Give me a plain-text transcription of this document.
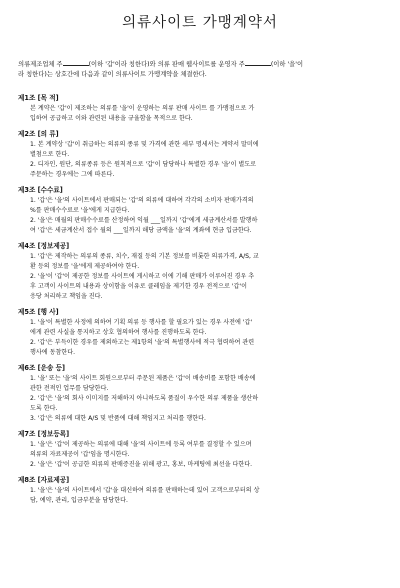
의류사이트 가맹계약서
의류제조업체 주	(이하 '갑'이라 칭한다)와 의류 판매 웹사이트를 운영자 주	(이하 '을'이
라 칭한다)는 상호간에 다음과 같이 의류사이트 가맹계약을 체결한다.
제1조 [목 적]
본 계약은 '갑'이 제조하는 의류를 '을'이 운영하는 의류 판매 사이트 를 가맹점으로 가
입하여 공급하고 이와 관련된 내용을 규율함을 목적으로 한다.
제2조 [의 류]
1. 본 계약상 '갑'이 취급하는 의류의 종류 및 가격에 관한 세부 명세서는 계약서 말미에
별첨으로 한다.
2. 디자인, 원단, 의류종류 등은 원칙적으로 '갑'이 담당하나 특별한 경우 '을'이 별도로
주문하는 경우에는 그에 따른다.
제3조 [수수료]
1. '갑'은 '을'의 사이트에서 판매되는 '갑'의 의류에 대하여 각각의 소비자 판매가격의
%를 판매수수료로 '을'에게 지급한다.
2. '을'은 매월의 판매수수료를 산정하여 익월 ___일까지 '갑'에게 세금계산서를 발행하
여 '갑'은 세금계산서 접수 월의 ___일까지 해당 금액을 '을'의 계좌에 현금 입금한다.
제4조 [정보제공]
1. '갑'은 제작하는 의류의 종류, 치수, 재질 등의 기본 정보를 비롯한 의류가격, A/S, 교
환 등의 정보를 '을'에게 제공하여야 한다.
2. '을'이 '갑'이 제공한 정보를 사이트에 게시하고 이에 기해 판매가 이루어진 경우 추
후 고객이 사이트의 내용과 상이함을 이유로 클레임을 제기한 경우 전적으로 '갑'이
응당 처리하고 책임을 진다.
제5조 [행 사]
1. '을'이 특별한 사정에 의하여 기획 의류 등 행사를 할 필요가 있는 경우 사전에 '갑'
에게 관련 사실을 통지하고 상호 협의하여 행사를 진행하도록 한다.
2. '갑'은 부득이한 경우를 제외하고는 제1항의 '을'의 특별행사에 적극 협력하여 관련
행사에 동참한다.
제6조 [운송 등]
1. '을' 또는 '을'의 사이트 회원으로부터 주문된 제품은 '갑'이 배송비를 포함한 배송에
관한 전적인 업무를 담당한다.
2. '갑'은 '을'의 회사 이미지를 저해하지 아니하도록 품질이 우수한 의류 제품을 생산하
도록 한다.
3. '갑'은 의류에 대한 A/S 및 반품에 대해 책임지고 처리를 행한다.
제7조 [정보등록]
1. '을'은 '갑'이 제공하는 의류에 대해 '을'의 사이트에 등록 여부를 결정할 수 있으며
의류의 자료제공이 '갑'임을 명시한다.
2. '을'은 '갑'이 공급한 의류의 판매증진을 위해 광고, 홍보, 마케팅에 최선을 다한다.
제8조 [자료제공]
1. '을'은 '을'의 사이트에서 '갑'을 대신하여 의류를 판매하는데 있어 고객으로부터의 상
담, 예약, 관리, 입금부분을 담당한다.
